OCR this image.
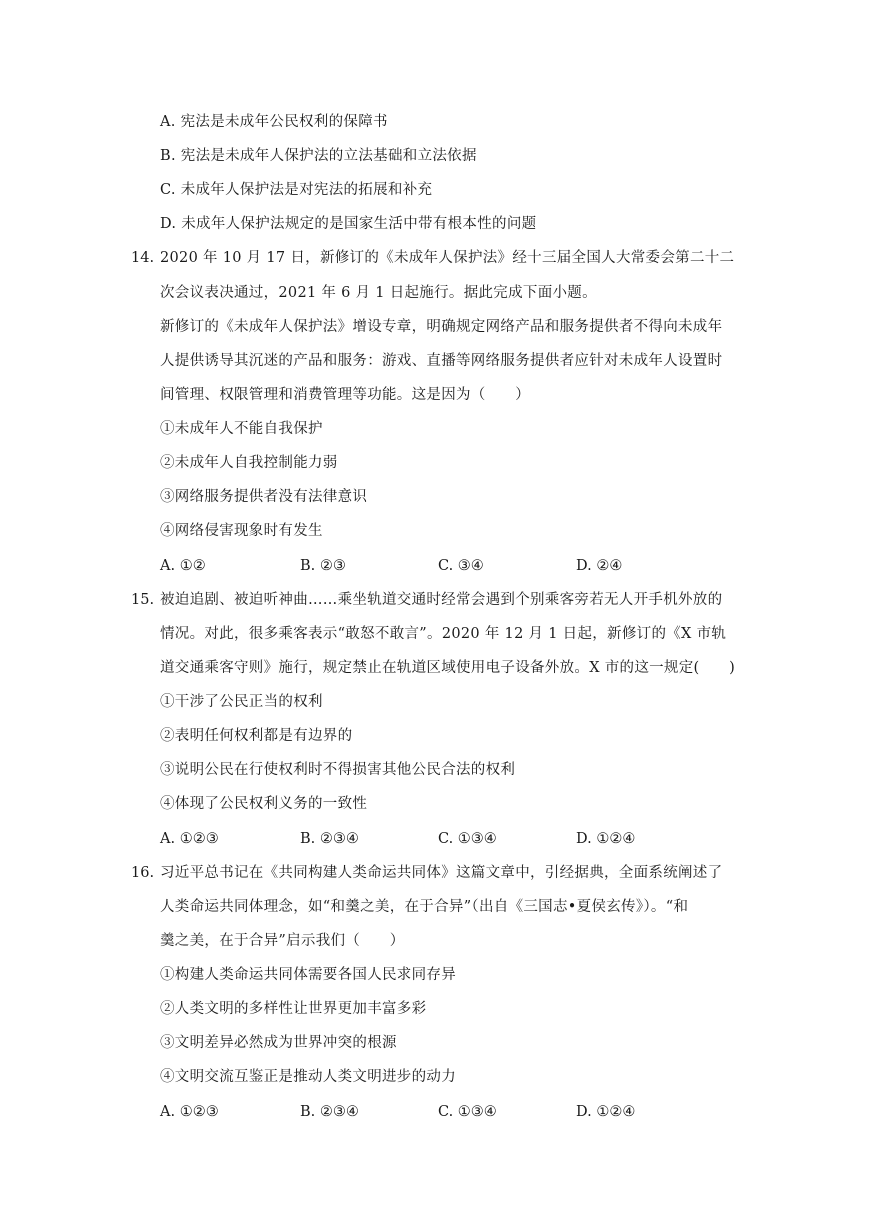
A. 宪法是未成年公民权利的保障书
B. 宪法是未成年人保护法的立法基础和立法依据
C. 未成年人保护法是对宪法的拓展和补充
D. 未成年人保护法规定的是国家生活中带有根本性的问题
14. 2020 年 10 月 17 日，新修订的《未成年人保护法》经十三届全国人大常委会第二十二
次会议表决通过，2021 年 6 月 1 日起施行。据此完成下面小题。
新修订的《未成年人保护法》增设专章，明确规定网络产品和服务提供者不得向未成年
人提供诱导其沉迷的产品和服务：游戏、直播等网络服务提供者应针对未成年人设置时
间管理、权限管理和消费管理等功能。这是因为（　　）
①未成年人不能自我保护
②未成年人自我控制能力弱
③网络服务提供者没有法律意识
④网络侵害现象时有发生
A. ①②	B. ②③	C. ③④	D. ②④
15. 被迫追剧、被迫听神曲……乘坐轨道交通时经常会遇到个别乘客旁若无人开手机外放的
情况。对此，很多乘客表示“敢怒不敢言”。2020 年 12 月 1 日起，新修订的《X 市轨
道交通乘客守则》施行，规定禁止在轨道区域使用电子设备外放。X 市的这一规定(　　)
①干涉了公民正当的权利
②表明任何权利都是有边界的
③说明公民在行使权利时不得损害其他公民合法的权利
④体现了公民权利义务的一致性
A. ①②③	B. ②③④	C. ①③④	D. ①②④
16. 习近平总书记在《共同构建人类命运共同体》这篇文章中，引经据典，全面系统阐述了
人类命运共同体理念，如“和羹之美，在于合异”（出自《三国志•夏侯玄传》）。“和
羹之美，在于合异”启示我们（　　）
①构建人类命运共同体需要各国人民求同存异
②人类文明的多样性让世界更加丰富多彩
③文明差异必然成为世界冲突的根源
④文明交流互鉴正是推动人类文明进步的动力
A. ①②③	B. ②③④	C. ①③④	D. ①②④
